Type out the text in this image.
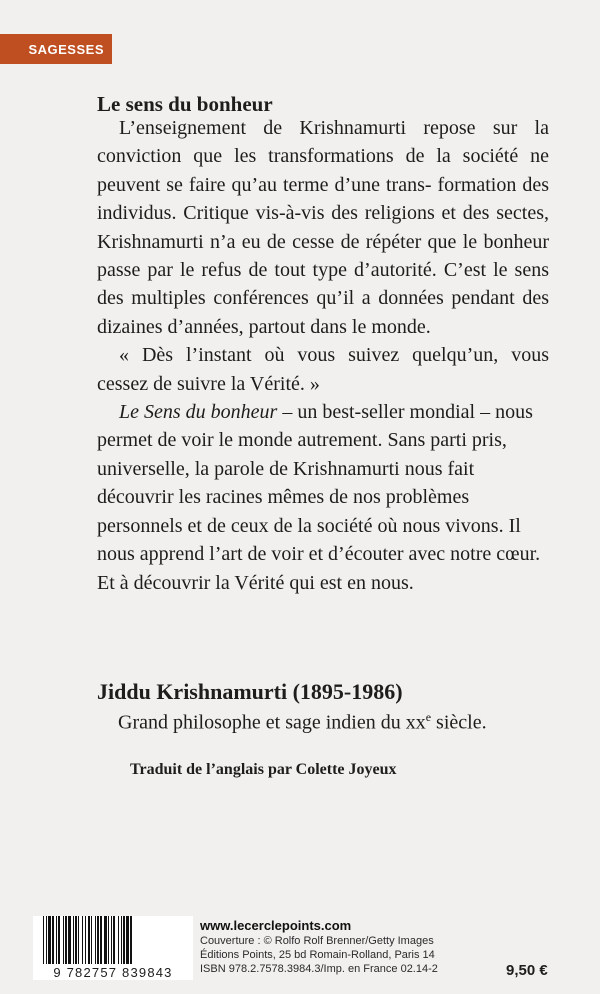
SAGESSES
Le sens du bonheur

L’enseignement de Krishnamurti repose sur la conviction que les transformations de la société ne peuvent se faire qu’au terme d’une trans- formation des individus. Critique vis-à-vis des religions et des sectes, Krishnamurti n’a eu de cesse de répéter que le bonheur passe par le refus de tout type d’autorité. C’est le sens des multiples conférences qu’il a données pendant des dizaines d’années, partout dans le monde.

« Dès l’instant où vous suivez quelqu’un, vous cessez de suivre la Vérité. »

Le Sens du bonheur – un best-seller mondial – nous permet de voir le monde autrement. Sans parti pris, universelle, la parole de Krishnamurti nous fait découvrir les racines mêmes de nos problèmes personnels et de ceux de la société où nous vivons. Il nous apprend l’art de voir et d’écouter avec notre cœur. Et à découvrir la Vérité qui est en nous.

Jiddu Krishnamurti (1895-1986)

Grand philosophe et sage indien du $xx^e$ siècle.

Traduit de l’anglais par Colette Joyeux

9 782757 839843
www.lecerclepoints.com
Couverture : © Rolfo Rolf Brenner/Getty Images
Éditions Points, 25 bd Romain-Rolland, Paris 14
ISBN 978.2.7578.3984.3/Imp. en France 02.14-2	9,50 €
